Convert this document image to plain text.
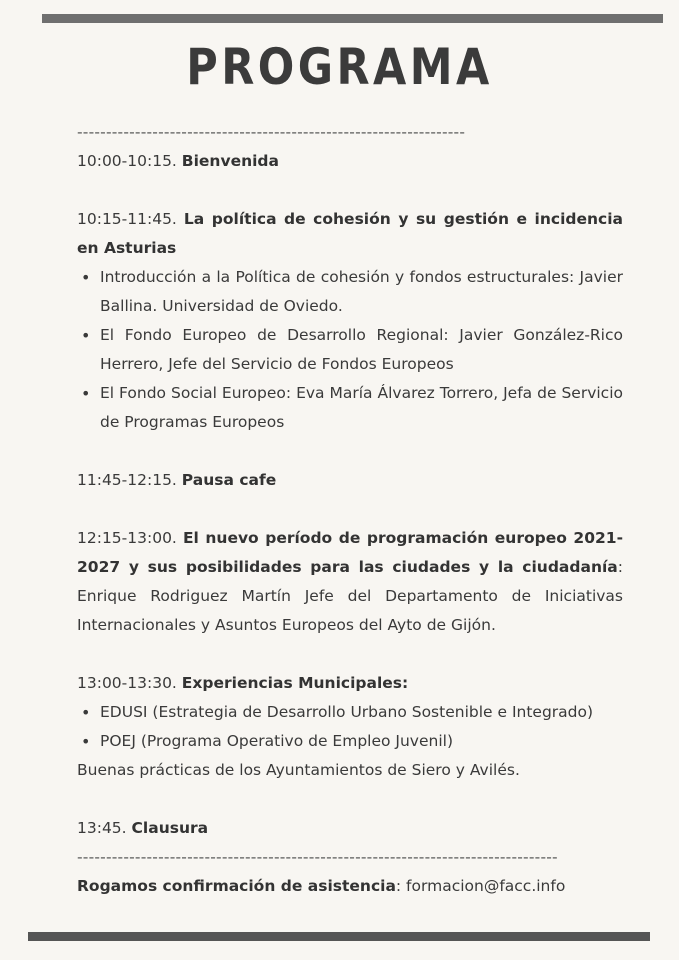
PROGRAMA
-------------------------------------------------------------------
10:00-10:15. Bienvenida
10:15-11:45. La política de cohesión y su gestión e incidencia en Asturias
• Introducción a la Política de cohesión y fondos estructurales: Javier Ballina. Universidad de Oviedo.
• El Fondo Europeo de Desarrollo Regional: Javier González-Rico Herrero, Jefe del Servicio de Fondos Europeos
• El Fondo Social Europeo: Eva María Álvarez Torrero, Jefa de Servicio de Programas Europeos
11:45-12:15. Pausa cafe
12:15-13:00. El nuevo período de programación europeo 2021-2027 y sus posibilidades para las ciudades y la ciudadanía: Enrique Rodriguez Martín Jefe del Departamento de Iniciativas Internacionales y Asuntos Europeos del Ayto de Gijón.
13:00-13:30. Experiencias Municipales:
• EDUSI (Estrategia de Desarrollo Urbano Sostenible e Integrado)
• POEJ (Programa Operativo de Empleo Juvenil)
Buenas prácticas de los Ayuntamientos de Siero y Avilés.
13:45. Clausura
-----------------------------------------------------------------------------------
Rogamos confirmación de asistencia: formacion@facc.info
